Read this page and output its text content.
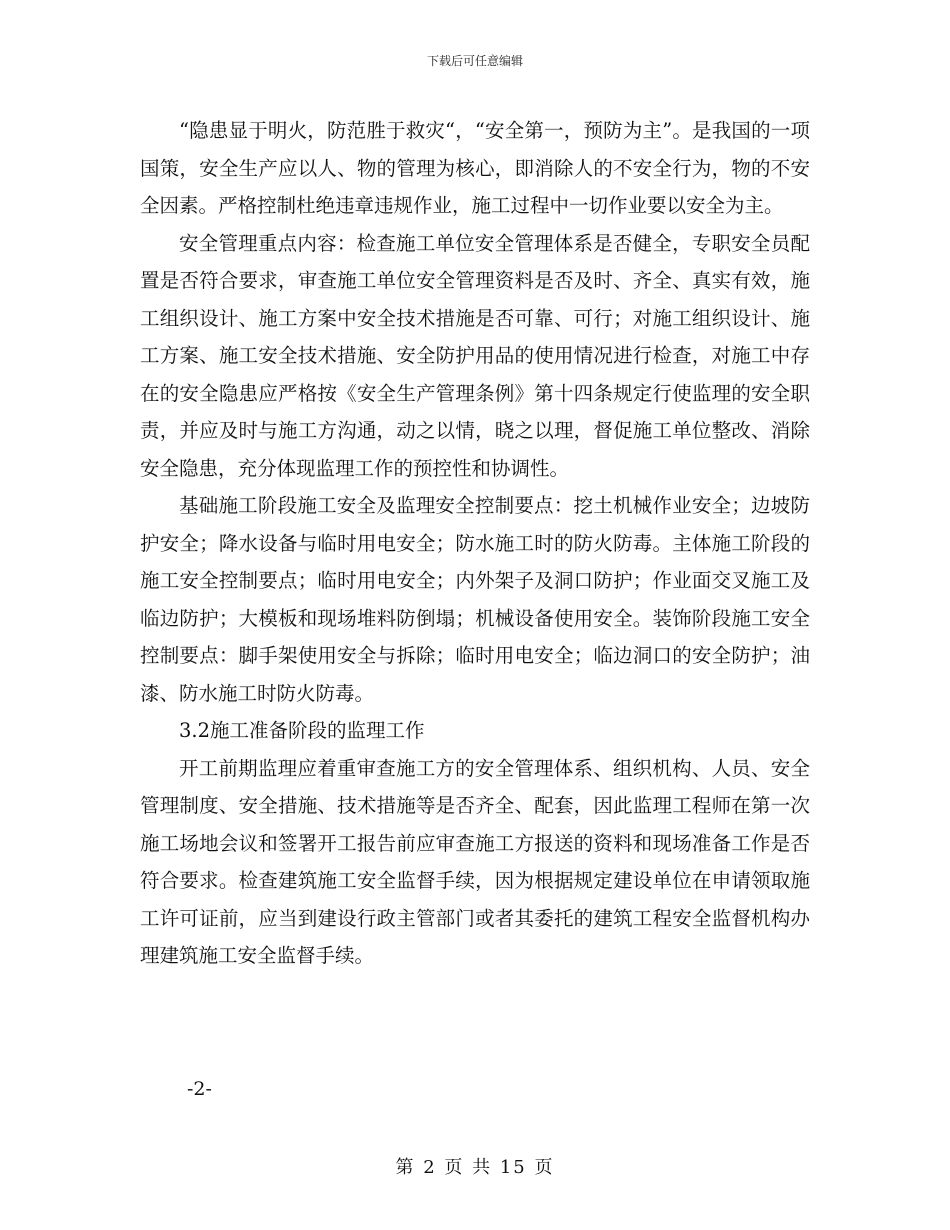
下载后可任意编辑

“隐患显于明火，防范胜于救灾“，“安全第一，预防为主”。是我国的一项国策，安全生产应以人、物的管理为核心，即消除人的不安全行为，物的不安全因素。严格控制杜绝违章违规作业，施工过程中一切作业要以安全为主。

安全管理重点内容：检查施工单位安全管理体系是否健全，专职安全员配置是否符合要求，审查施工单位安全管理资料是否及时、齐全、真实有效，施工组织设计、施工方案中安全技术措施是否可靠、可行；对施工组织设计、施工方案、施工安全技术措施、安全防护用品的使用情况进行检查，对施工中存在的安全隐患应严格按《安全生产管理条例》第十四条规定行使监理的安全职责，并应及时与施工方沟通，动之以情，晓之以理，督促施工单位整改、消除安全隐患，充分体现监理工作的预控性和协调性。

基础施工阶段施工安全及监理安全控制要点：挖土机械作业安全；边坡防护安全；降水设备与临时用电安全；防水施工时的防火防毒。主体施工阶段的施工安全控制要点；临时用电安全；内外架子及洞口防护；作业面交叉施工及临边防护；大模板和现场堆料防倒塌；机械设备使用安全。装饰阶段施工安全控制要点：脚手架使用安全与拆除；临时用电安全；临边洞口的安全防护；油漆、防水施工时防火防毒。

3.2施工准备阶段的监理工作

开工前期监理应着重审查施工方的安全管理体系、组织机构、人员、安全管理制度、安全措施、技术措施等是否齐全、配套，因此监理工程师在第一次施工场地会议和签署开工报告前应审查施工方报送的资料和现场准备工作是否符合要求。检查建筑施工安全监督手续，因为根据规定建设单位在申请领取施工许可证前，应当到建设行政主管部门或者其委托的建筑工程安全监督机构办理建筑施工安全监督手续。

-2-
第 2 页 共 15 页
